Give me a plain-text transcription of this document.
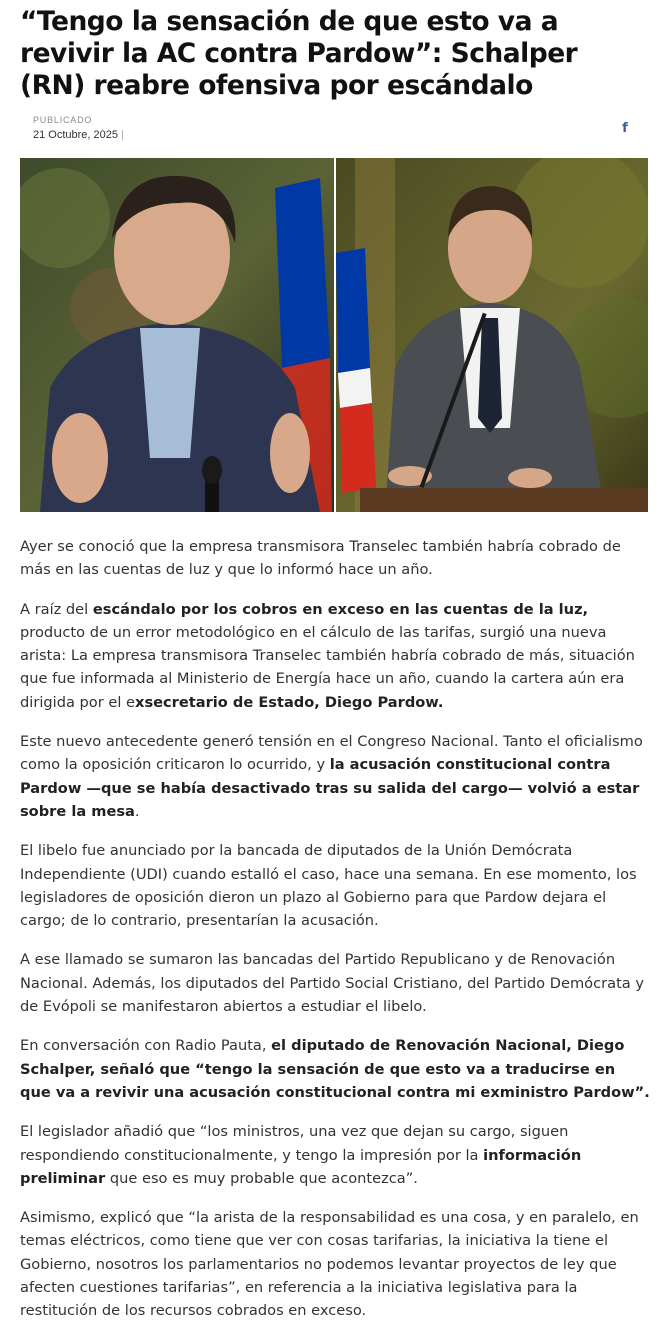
“Tengo la sensación de que esto va a revivir la AC contra Pardow”: Schalper (RN) reabre ofensiva por escándalo
PUBLICADO
21 Octubre, 2025 |	f

Ayer se conoció que la empresa transmisora Transelec también habría cobrado de más en las cuentas de luz y que lo informó hace un año.

A raíz del escándalo por los cobros en exceso en las cuentas de la luz, producto de un error metodológico en el cálculo de las tarifas, surgió una nueva arista: La empresa transmisora Transelec también habría cobrado de más, situación que fue informada al Ministerio de Energía hace un año, cuando la cartera aún era dirigida por el exsecretario de Estado, Diego Pardow.

Este nuevo antecedente generó tensión en el Congreso Nacional. Tanto el oficialismo como la oposición criticaron lo ocurrido, y la acusación constitucional contra Pardow —que se había desactivado tras su salida del cargo— volvió a estar sobre la mesa.

El libelo fue anunciado por la bancada de diputados de la Unión Demócrata Independiente (UDI) cuando estalló el caso, hace una semana. En ese momento, los legisladores de oposición dieron un plazo al Gobierno para que Pardow dejara el cargo; de lo contrario, presentarían la acusación.

A ese llamado se sumaron las bancadas del Partido Republicano y de Renovación Nacional. Además, los diputados del Partido Social Cristiano, del Partido Demócrata y de Evópoli se manifestaron abiertos a estudiar el libelo.

En conversación con Radio Pauta, el diputado de Renovación Nacional, Diego Schalper, señaló que “tengo la sensación de que esto va a traducirse en que va a revivir una acusación constitucional contra mi exministro Pardow”.

El legislador añadió que “los ministros, una vez que dejan su cargo, siguen respondiendo constitucionalmente, y tengo la impresión por la información preliminar que eso es muy probable que acontezca”.

Asimismo, explicó que “la arista de la responsabilidad es una cosa, y en paralelo, en temas eléctricos, como tiene que ver con cosas tarifarias, la iniciativa la tiene el Gobierno, nosotros los parlamentarios no podemos levantar proyectos de ley que afecten cuestiones tarifarias”, en referencia a la iniciativa legislativa para la restitución de los recursos cobrados en exceso.
